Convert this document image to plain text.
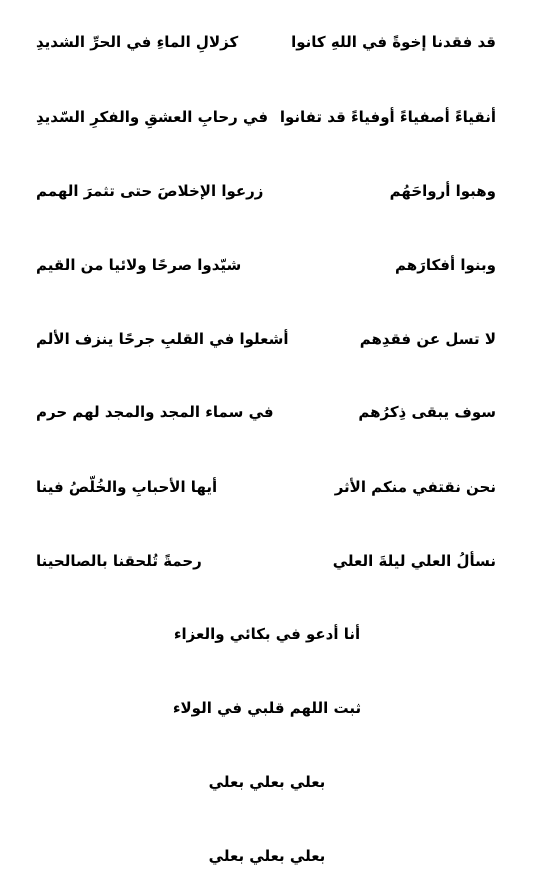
قد فقدنا إخوةً في اللهِ كانوا
كزلالِ الماءِ في الحرِّ الشديدِ
أنقياءً أصفياءً أوفياءً قد تفانوا
في رحابِ العشقِ والفكرِ السّديدِ
وهبوا أرواحَهُم
زرعوا الإخلاصَ حتى تثمرَ الهمم
وبنوا أفكارَهم
شيّدوا صرحًا ولائيا من القيم
لا تسل عن فقدِهم
أشعلوا في القلبِ جرحًا ينزف الألم
سوف يبقى ذِكرُهم
في سماء المجد والمجد لهم حرم
نحن نقتفي منكم الأثر
أيها الأحبابِ والخُلّصُ فينا
نسألُ العلي ليلةَ العلي
رحمةً تُلحقنا بالصالحينا
أنا أدعو في بكائي والعزاء
ثبت اللهم قلبي في الولاء
بعلي بعلي بعلي
بعلي بعلي بعلي
